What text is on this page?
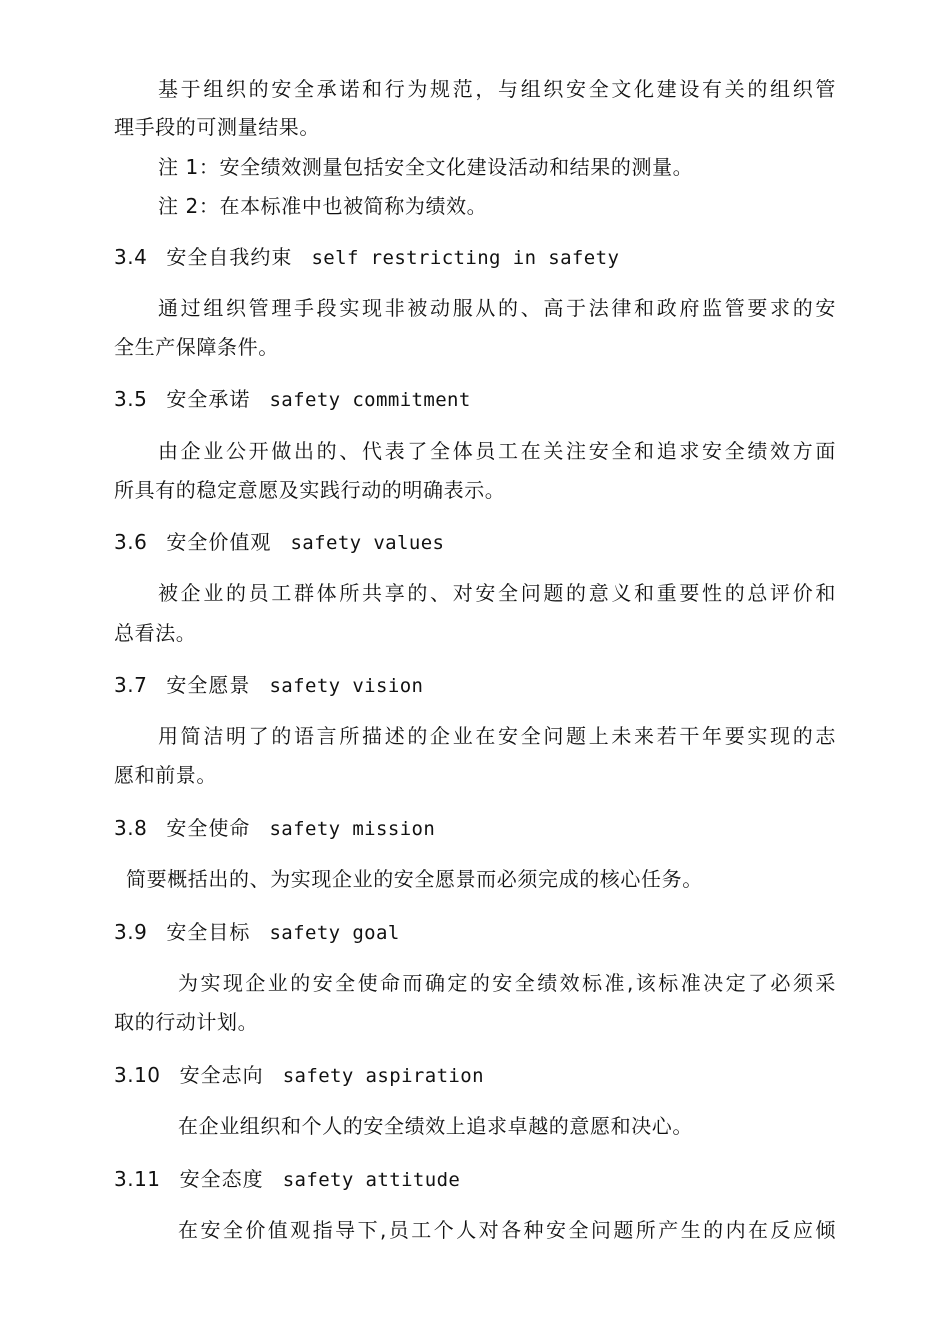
基于组织的安全承诺和行为规范，与组织安全文化建设有关的组织管
理手段的可测量结果。
注 1：安全绩效测量包括安全文化建设活动和结果的测量。
注 2：在本标准中也被简称为绩效。
3.4 安全自我约束 self restricting in safety
通过组织管理手段实现非被动服从的、高于法律和政府监管要求的安
全生产保障条件。
3.5 安全承诺 safety commitment
由企业公开做出的、代表了全体员工在关注安全和追求安全绩效方面
所具有的稳定意愿及实践行动的明确表示。
3.6 安全价值观 safety values
被企业的员工群体所共享的、对安全问题的意义和重要性的总评价和
总看法。
3.7 安全愿景 safety vision
用简洁明了的语言所描述的企业在安全问题上未来若干年要实现的志
愿和前景。
3.8 安全使命 safety mission
简要概括出的、为实现企业的安全愿景而必须完成的核心任务。
3.9 安全目标 safety goal
为实现企业的安全使命而确定的安全绩效标准,该标准决定了必须采
取的行动计划。
3.10 安全志向 safety aspiration
在企业组织和个人的安全绩效上追求卓越的意愿和决心。
3.11 安全态度 safety attitude
在安全价值观指导下,员工个人对各种安全问题所产生的内在反应倾
